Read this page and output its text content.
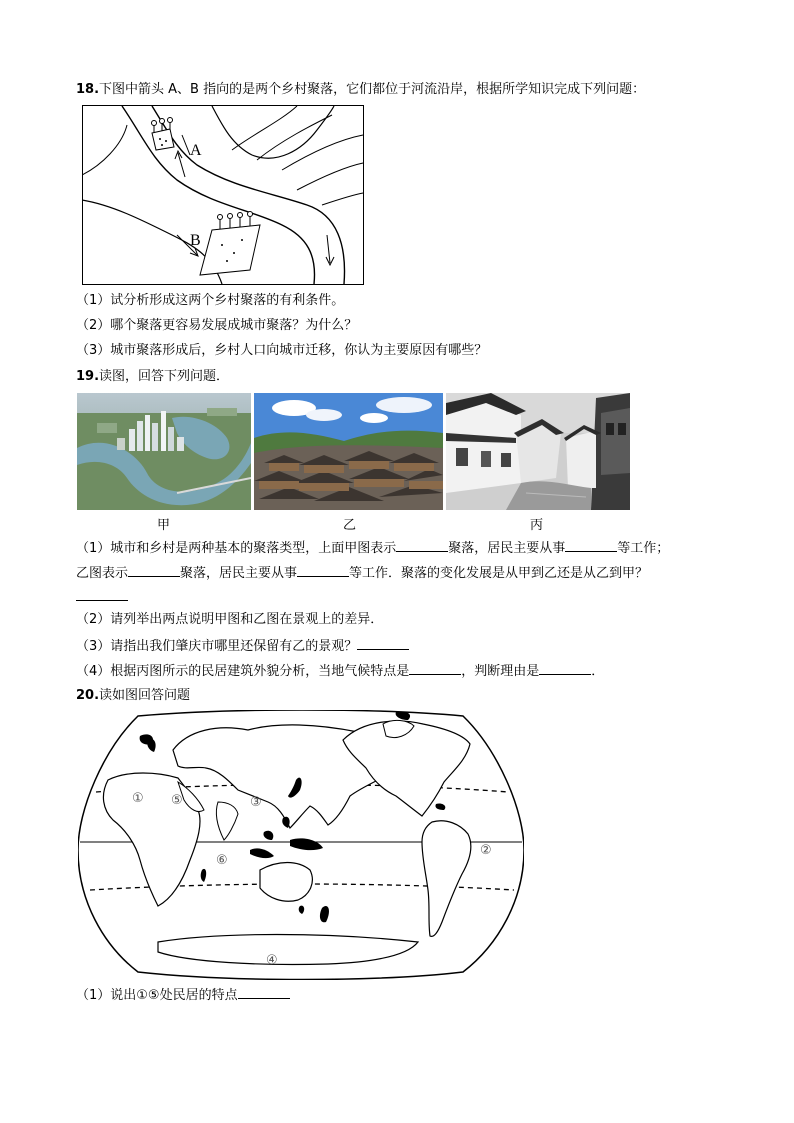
18.下图中箭头 A、B 指向的是两个乡村聚落，它们都位于河流沿岸，根据所学知识完成下列问题：
A
B
（1）试分析形成这两个乡村聚落的有利条件。
（2）哪个聚落更容易发展成城市聚落？为什么？
（3）城市聚落形成后，乡村人口向城市迁移，你认为主要原因有哪些？
19.读图，回答下列问题．
甲	乙	丙
（1）城市和乡村是两种基本的聚落类型，上面甲图表示	聚落，居民主要从事	等工作；
乙图表示	聚落，居民主要从事	等工作．聚落的变化发展是从甲到乙还是从乙到甲？
（2）请列举出两点说明甲图和乙图在景观上的差异．
（3）请指出我们肇庆市哪里还保留有乙的景观？
（4）根据丙图所示的民居建筑外貌分析，当地气候特点是	，判断理由是	．
20.读如图回答问题
①
②
③
④
⑤
⑥
（1）说出①⑤处民居的特点
